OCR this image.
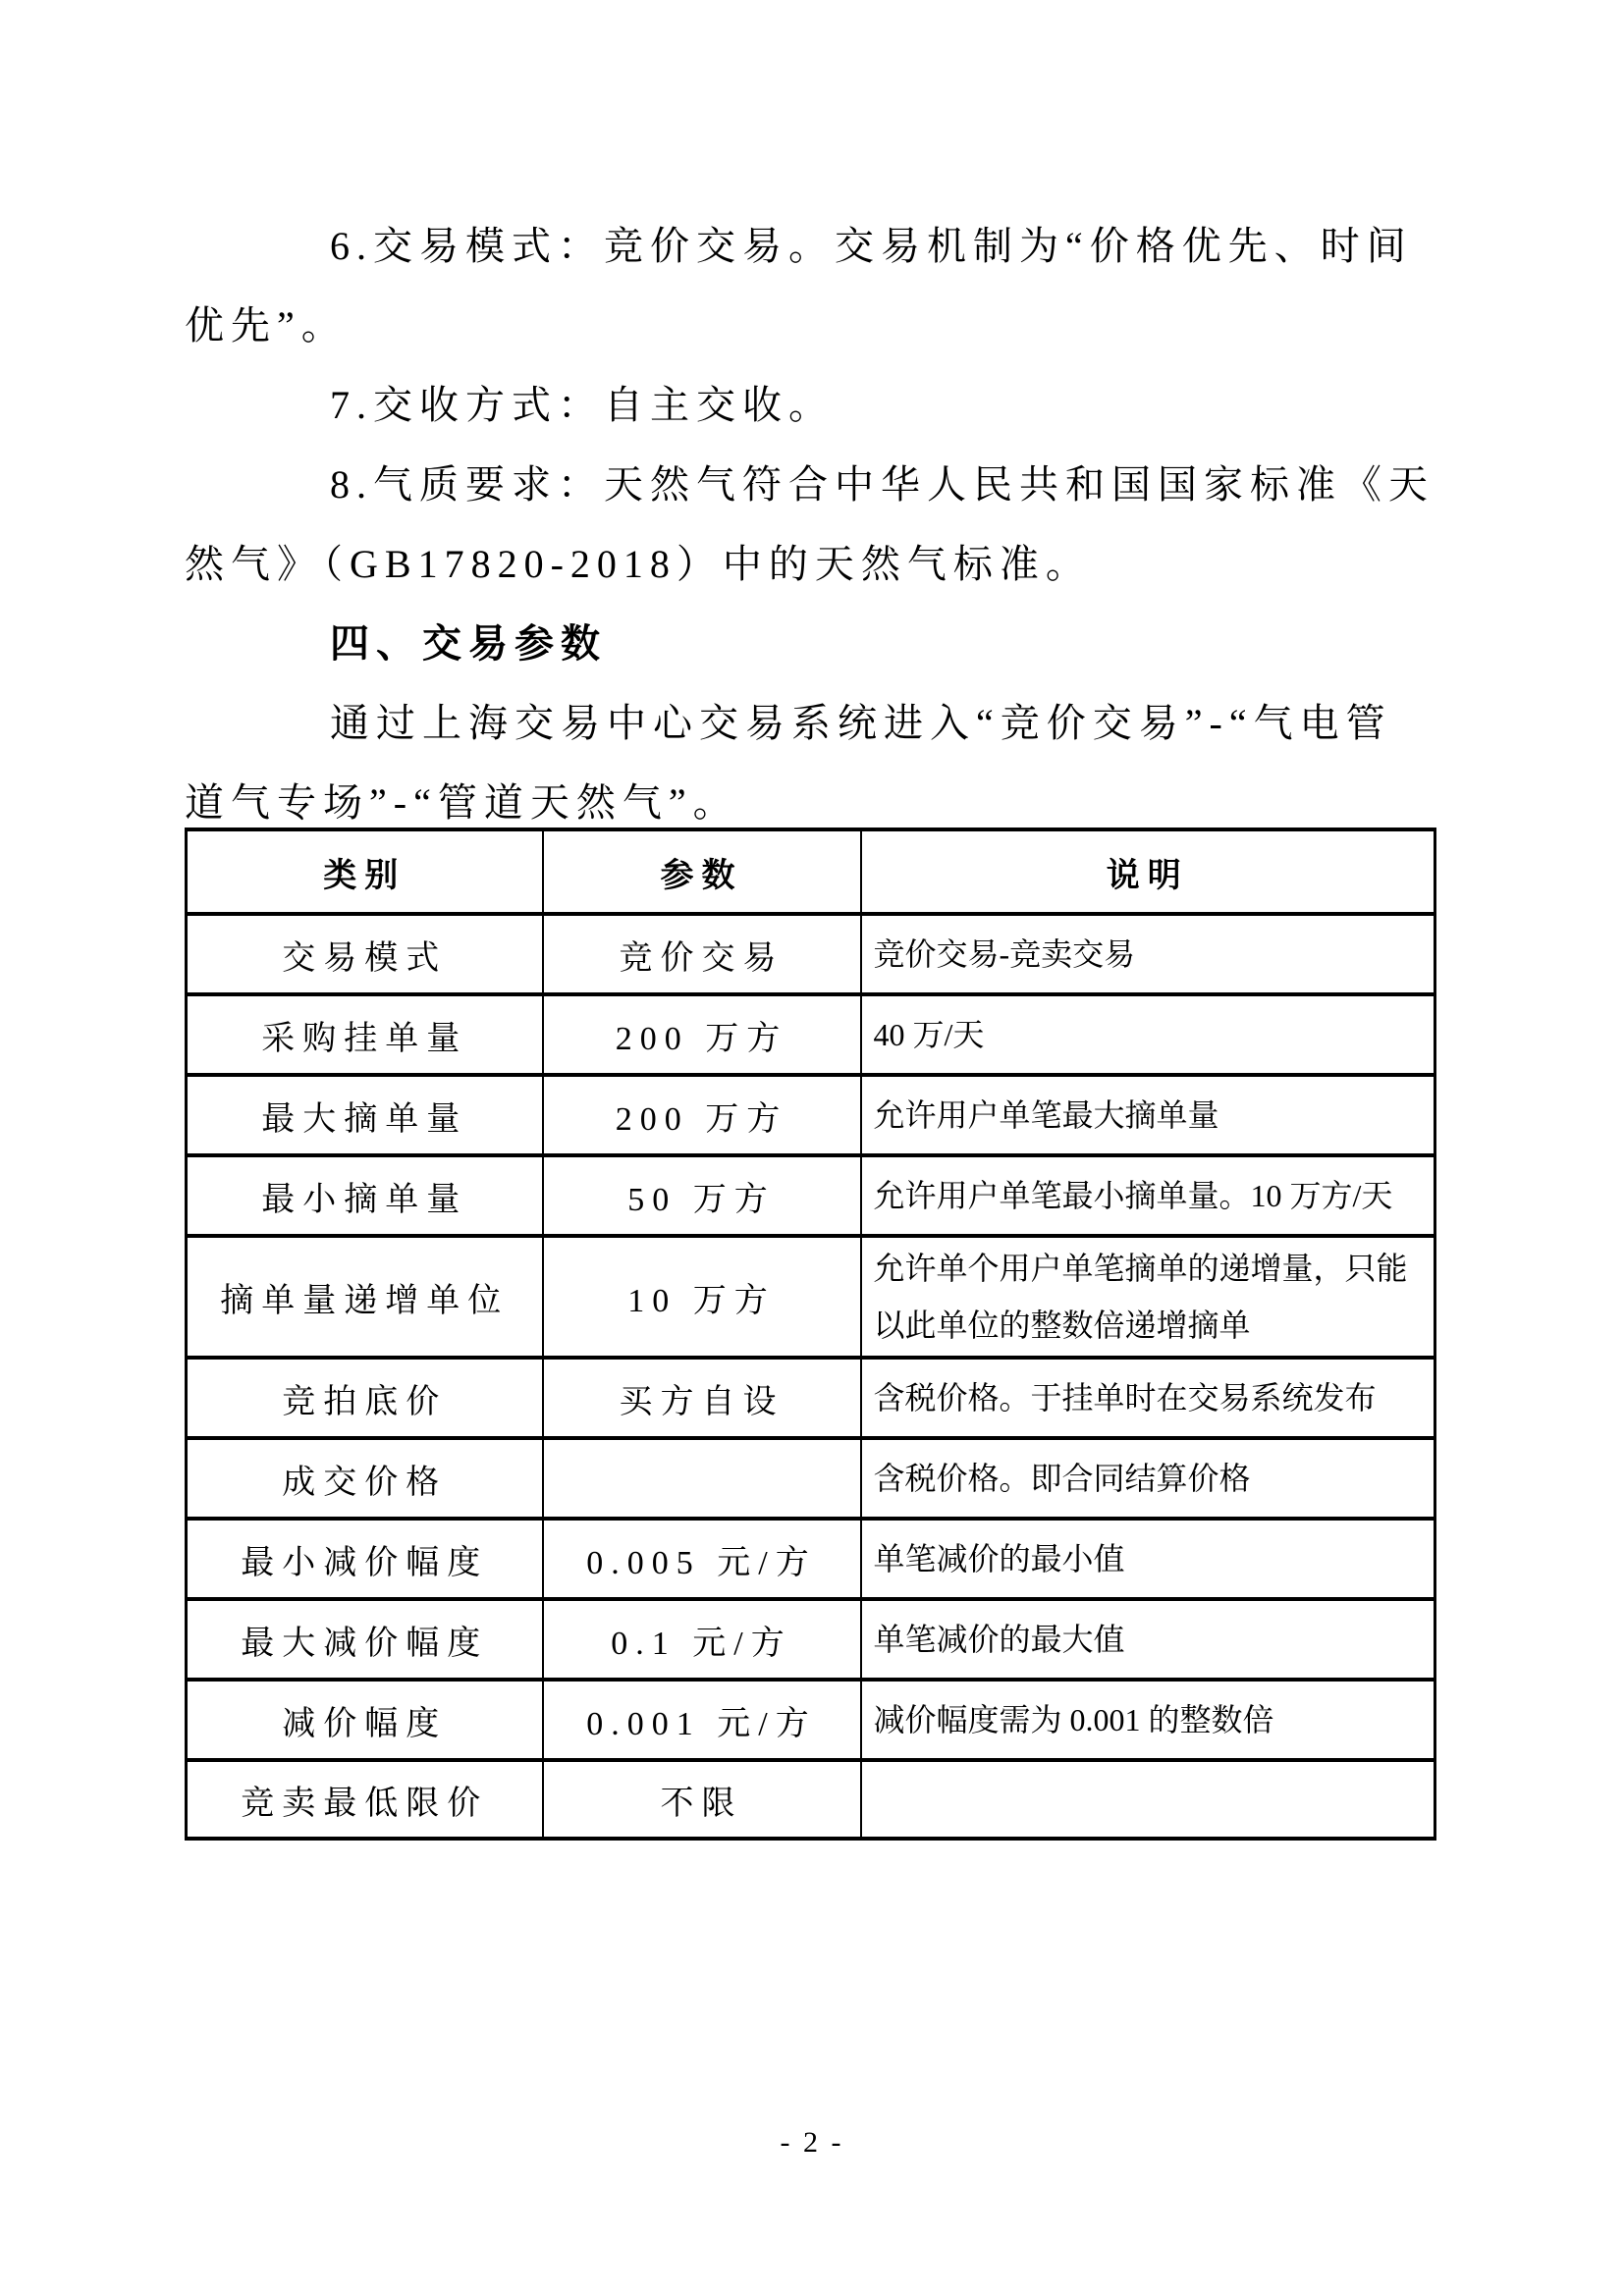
6.交易模式：竞价交易。交易机制为“价格优先、时间
优先”。
7.交收方式：自主交收。
8.气质要求：天然气符合中华人民共和国国家标准《天
然气》（GB17820-2018）中的天然气标准。
四、交易参数
通过上海交易中心交易系统进入“竞价交易”-“气电管
道气专场”-“管道天然气”。
类别	参数	说明
交易模式	竞价交易	竞价交易-竞卖交易
采购挂单量	200 万方	40 万/天
最大摘单量	200 万方	允许用户单笔最大摘单量
最小摘单量	50 万方	允许用户单笔最小摘单量。10 万方/天
摘单量递增单位	10 万方	允许单个用户单笔摘单的递增量，只能以此单位的整数倍递增摘单
竞拍底价	买方自设	含税价格。于挂单时在交易系统发布
成交价格		含税价格。即合同结算价格
最小减价幅度	0.005 元/方	单笔减价的最小值
最大减价幅度	0.1 元/方	单笔减价的最大值
减价幅度	0.001 元/方	减价幅度需为 0.001 的整数倍
竞卖最低限价	不限	
- 2 -
